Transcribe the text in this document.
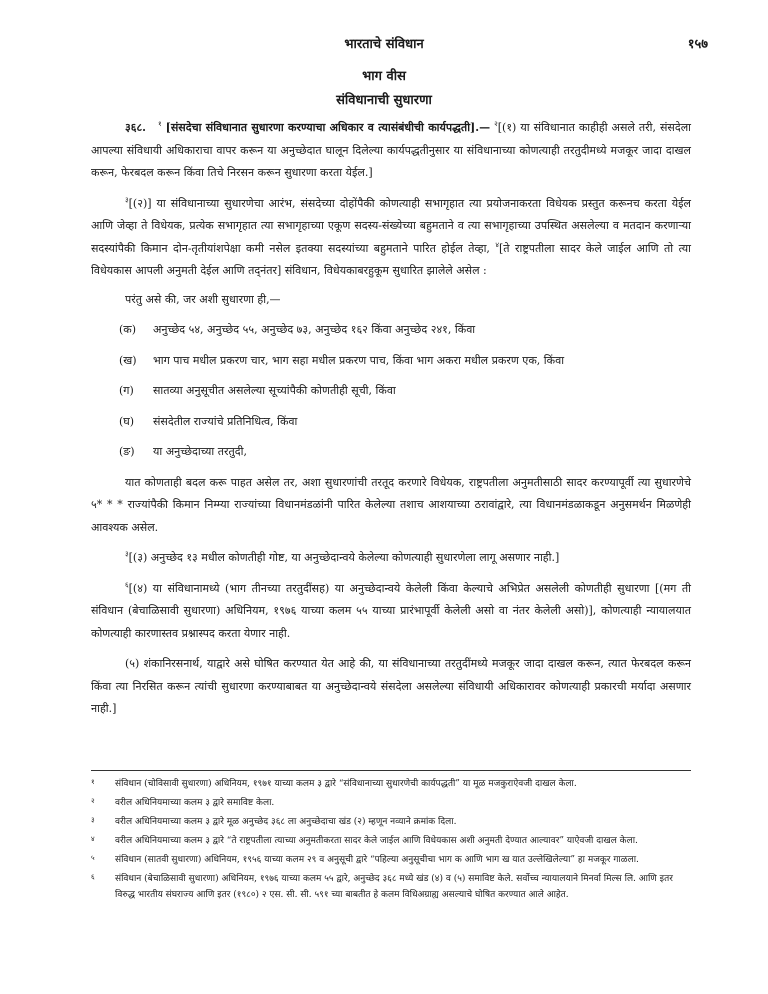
भारताचे संविधान	१५७
भाग वीस
संविधानाची सुधारणा

३६८. $^१$ [संसदेचा संविधानात सुधारणा करण्याचा अधिकार व त्यासंबंधीची कार्यपद्धती].— $^२$[(१) या संविधानात काहीही असले तरी, संसदेला आपल्या संविधायी अधिकाराचा वापर करून या अनुच्छेदात घालून दिलेल्या कार्यपद्धतीनुसार या संविधानाच्या कोणत्याही तरतुदीमध्ये मजकूर जादा दाखल करून, फेरबदल करून किंवा तिचे निरसन करून सुधारणा करता येईल.]

$^३$[(२)] या संविधानाच्या सुधारणेचा आरंभ, संसदेच्या दोहोंपैकी कोणत्याही सभागृहात त्या प्रयोजनाकरता विधेयक प्रस्तुत करूनच करता येईल आणि जेव्हा ते विधेयक, प्रत्येक सभागृहात त्या सभागृहाच्या एकूण सदस्य-संख्येच्या बहुमताने व त्या सभागृहाच्या उपस्थित असलेल्या व मतदान करणाऱ्या सदस्यांपैकी किमान दोन-तृतीयांशपेक्षा कमी नसेल इतक्या सदस्यांच्या बहुमताने पारित होईल तेव्हा, $^४$[ते राष्ट्रपतीला सादर केले जाईल आणि तो त्या विधेयकास आपली अनुमती देईल आणि तद्नंतर] संविधान, विधेयकाबरहुकूम सुधारित झालेले असेल :

परंतु असे की, जर अशी सुधारणा ही,—

(क) अनुच्छेद ५४, अनुच्छेद ५५, अनुच्छेद ७३, अनुच्छेद १६२ किंवा अनुच्छेद २४१, किंवा

(ख) भाग पाच मधील प्रकरण चार, भाग सहा मधील प्रकरण पाच, किंवा भाग अकरा मधील प्रकरण एक, किंवा

(ग) सातव्या अनुसूचीत असलेल्या सूच्यांपैकी कोणतीही सूची, किंवा

(घ) संसदेतील राज्यांचे प्रतिनिधित्व, किंवा

(ङ) या अनुच्छेदाच्या तरतुदी,

यात कोणताही बदल करू पाहत असेल तर, अशा सुधारणांची तरतूद करणारे विधेयक, राष्ट्रपतीला अनुमतीसाठी सादर करण्यापूर्वी त्या सुधारणेचे ५* * * राज्यांपैकी किमान निम्म्या राज्यांच्या विधानमंडळांनी पारित केलेल्या तशाच आशयाच्या ठरावांद्वारे, त्या विधानमंडळाकडून अनुसमर्थन मिळणेही आवश्यक असेल.

$^३$[(३) अनुच्छेद १३ मधील कोणतीही गोष्ट, या अनुच्छेदान्वये केलेल्या कोणत्याही सुधारणेला लागू असणार नाही.]

$^६$[(४) या संविधानामध्ये (भाग तीनच्या तरतुदींसह) या अनुच्छेदान्वये केलेली किंवा केल्याचे अभिप्रेत असलेली कोणतीही सुधारणा [(मग ती संविधान (बेचाळिसावी सुधारणा) अधिनियम, १९७६ याच्या कलम ५५ याच्या प्रारंभापूर्वी केलेली असो वा नंतर केलेली असो)], कोणत्याही न्यायालयात कोणत्याही कारणास्तव प्रश्नास्पद करता येणार नाही.

(५) शंकानिरसनार्थ, याद्वारे असे घोषित करण्यात येत आहे की, या संविधानाच्या तरतुदींमध्ये मजकूर जादा दाखल करून, त्यात फेरबदल करून किंवा त्या निरसित करून त्यांची सुधारणा करण्याबाबत या अनुच्छेदान्वये संसदेला असलेल्या संविधायी अधिकारावर कोणत्याही प्रकारची मर्यादा असणार नाही.]

१ संविधान (चोविसावी सुधारणा) अधिनियम, १९७१ याच्या कलम ३ द्वारे “संविधानाच्या सुधारणेची कार्यपद्धती” या मूळ मजकुराऐवजी दाखल केला.

२ वरील अधिनियमाच्या कलम ३ द्वारे समाविष्ट केला.

३ वरील अधिनियमाच्या कलम ३ द्वारे मूळ अनुच्छेद ३६८ ला अनुच्छेदाचा खंड (२) म्हणून नव्याने क्रमांक दिला.

४ वरील अधिनियमाच्या कलम ३ द्वारे “ते राष्ट्रपतीला त्याच्या अनुमतीकरता सादर केले जाईल आणि विधेयकास अशी अनुमती देण्यात आल्यावर” याऐवजी दाखल केला.

५ संविधान (सातवी सुधारणा) अधिनियम, १९५६ याच्या कलम २९ व अनुसूची द्वारे “पहिल्या अनुसूचीचा भाग क आणि भाग ख यात उल्लेखिलेल्या” हा मजकूर गाळला.

६ संविधान (बेचाळिसावी सुधारणा) अधिनियम, १९७६ याच्या कलम ५५ द्वारे, अनुच्छेद ३६८ मध्ये खंड (४) व (५) समाविष्ट केले. सर्वोच्च न्यायालयाने मिनर्वा मिल्स लि. आणि इतर विरुद्ध भारतीय संघराज्य आणि इतर (१९८०) २ एस. सी. सी. ५९१ च्या बाबतीत हे कलम विधिअग्राह्य असल्याचे घोषित करण्यात आले आहेत.
